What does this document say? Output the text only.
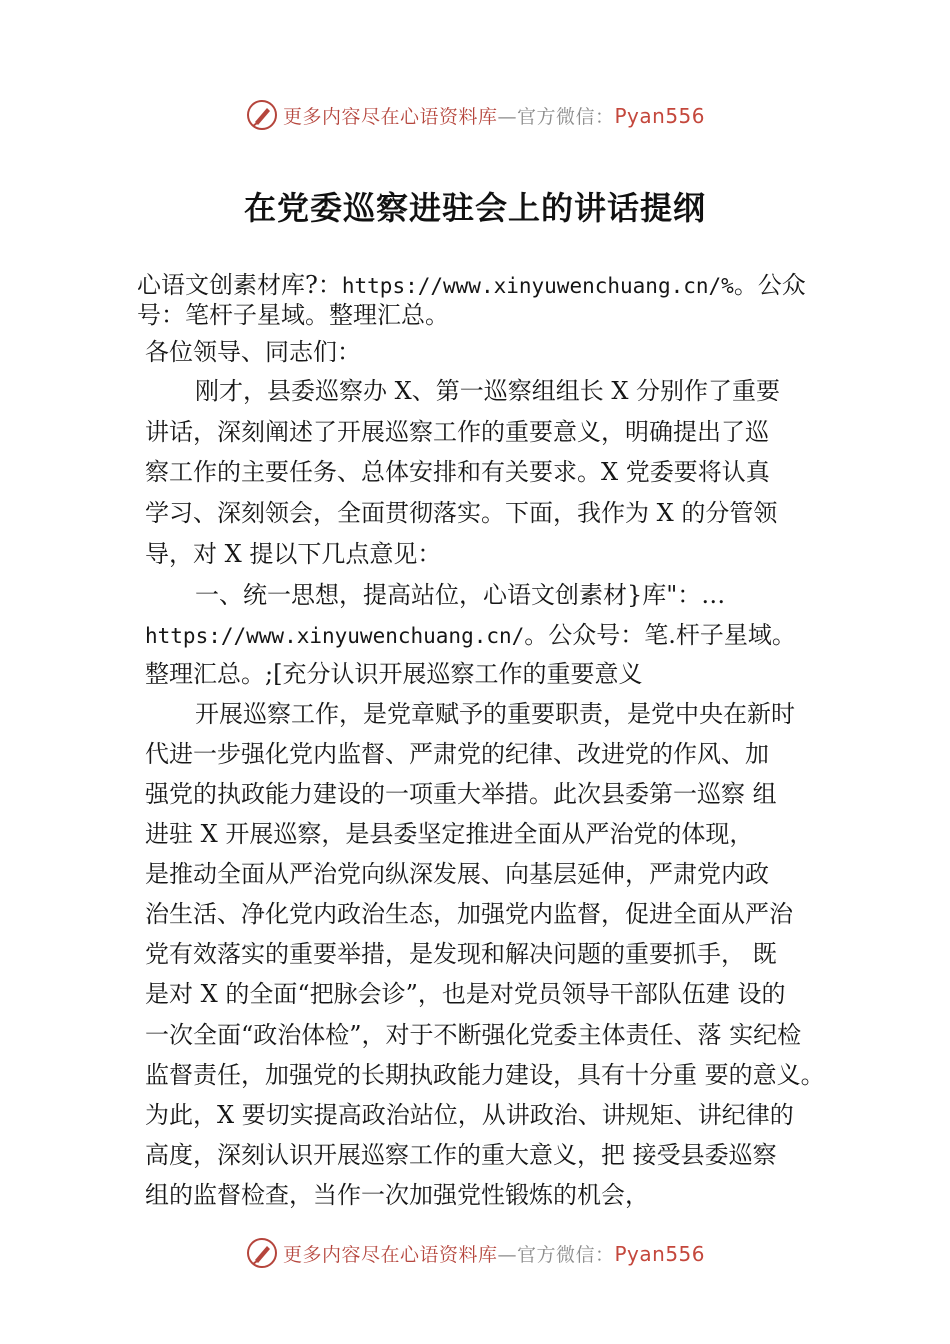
更多内容尽在心语资料库—官方微信：Pyan556
在党委巡察进驻会上的讲话提纲
心语文创素材库?：https://www.xinyuwenchuang.cn/%。公众
号：笔杆子星域。整理汇总。
各位领导、同志们：
刚才，县委巡察办 X、第一巡察组组长 X 分别作了重要
讲话，深刻阐述了开展巡察工作的重要意义，明确提出了巡
察工作的主要任务、总体安排和有关要求。X 党委要将认真
学习、深刻领会，全面贯彻落实。下面，我作为 X 的分管领
导，对 X 提以下几点意见：
一、统一思想，提高站位，心语文创素材}库"：…
https://www.xinyuwenchuang.cn/。公众号：笔.杆子星域。
整理汇总。;[充分认识开展巡察工作的重要意义
开展巡察工作，是党章赋予的重要职责，是党中央在新时
代进一步强化党内监督、严肃党的纪律、改进党的作风、加
强党的执政能力建设的一项重大举措。此次县委第一巡察 组
进驻 X 开展巡察，是县委坚定推进全面从严治党的体现，
是推动全面从严治党向纵深发展、向基层延伸，严肃党内政
治生活、净化党内政治生态，加强党内监督，促进全面从严治
党有效落实的重要举措，是发现和解决问题的重要抓手， 既
是对 X 的全面“把脉会诊”，也是对党员领导干部队伍建 设的
一次全面“政治体检”，对于不断强化党委主体责任、落 实纪检
监督责任，加强党的长期执政能力建设，具有十分重 要的意义。
为此，X 要切实提高政治站位，从讲政治、讲规矩、讲纪律的
高度，深刻认识开展巡察工作的重大意义，把 接受县委巡察
组的监督检查，当作一次加强党性锻炼的机会，
更多内容尽在心语资料库—官方微信：Pyan556
